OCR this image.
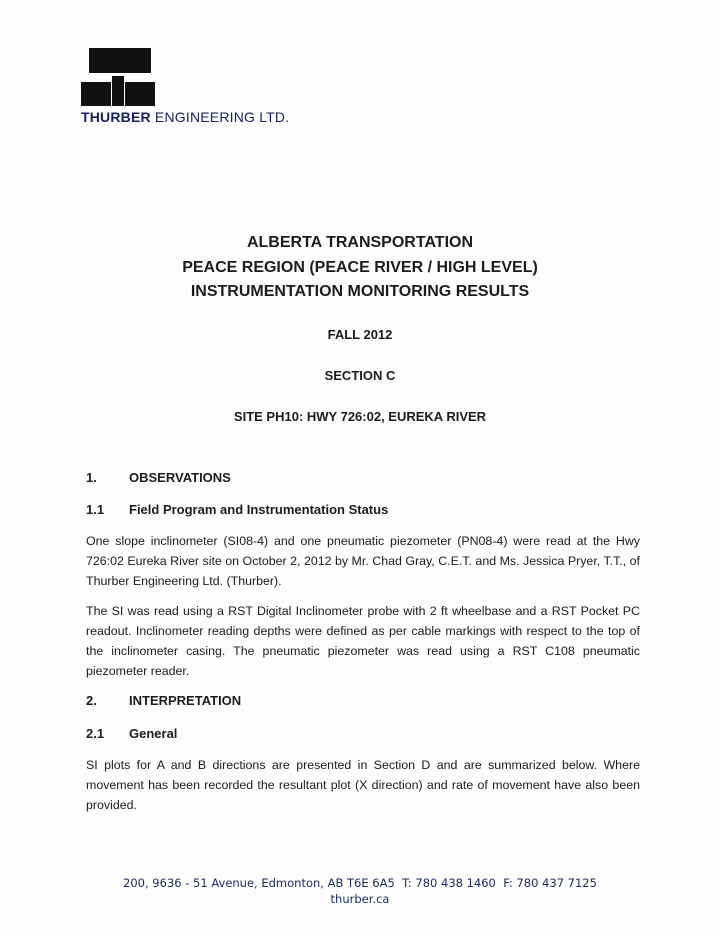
THURBER ENGINEERING LTD.
ALBERTA TRANSPORTATION
PEACE REGION (PEACE RIVER / HIGH LEVEL)
INSTRUMENTATION MONITORING RESULTS
FALL 2012
SECTION C
SITE PH10: HWY 726:02, EUREKA RIVER
1. OBSERVATIONS
1.1 Field Program and Instrumentation Status
One slope inclinometer (SI08-4) and one pneumatic piezometer (PN08-4) were read at the Hwy 726:02 Eureka River site on October 2, 2012 by Mr. Chad Gray, C.E.T. and Ms. Jessica Pryer, T.T., of Thurber Engineering Ltd. (Thurber).
The SI was read using a RST Digital Inclinometer probe with 2 ft wheelbase and a RST Pocket PC readout. Inclinometer reading depths were defined as per cable markings with respect to the top of the inclinometer casing. The pneumatic piezometer was read using a RST C108 pneumatic piezometer reader.
2. INTERPRETATION
2.1 General
SI plots for A and B directions are presented in Section D and are summarized below. Where movement has been recorded the resultant plot (X direction) and rate of movement have also been provided.
200, 9636 - 51 Avenue, Edmonton, AB T6E 6A5 T: 780 438 1460 F: 780 437 7125
thurber.ca
